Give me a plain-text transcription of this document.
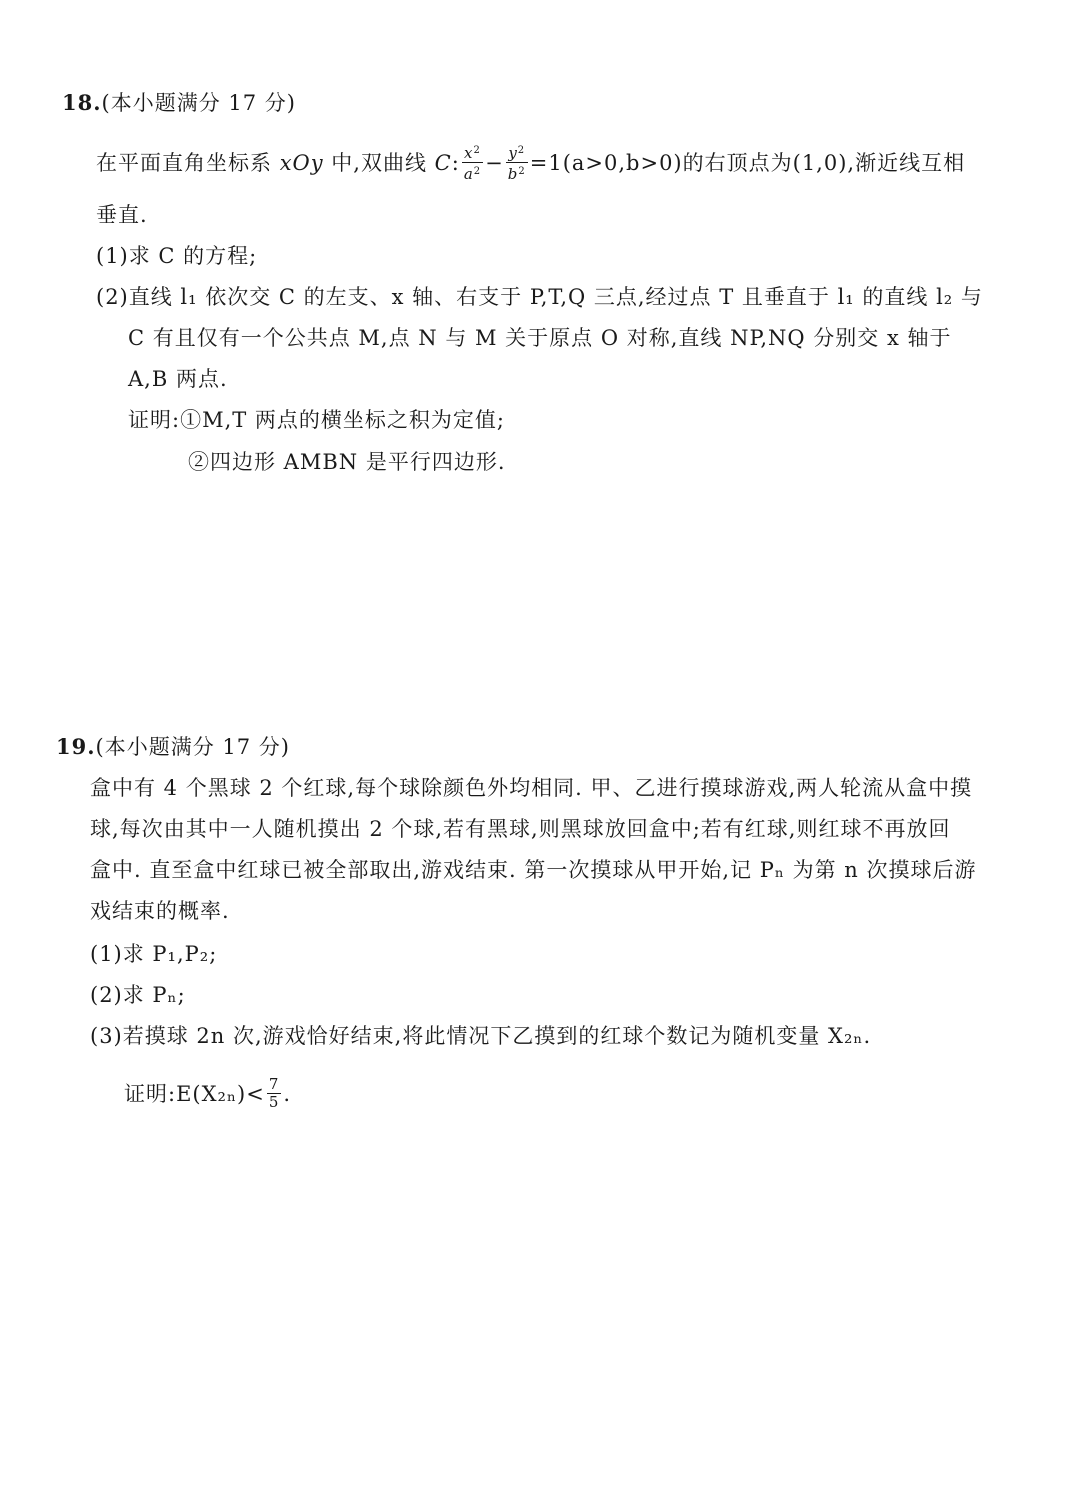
18.(本小题满分 17 分)
在平面直角坐标系 xOy 中,双曲线 C: $\frac{x^2}{a^2} - \frac{y^2}{b^2} =1(a>0,b>0)$的右顶点为(1,0),渐近线互相
垂直.
(1)求 C 的方程;
(2)直线 l₁ 依次交 C 的左支、x 轴、右支于 P,T,Q 三点,经过点 T 且垂直于 l₁ 的直线 l₂ 与
C 有且仅有一个公共点 M,点 N 与 M 关于原点 O 对称,直线 NP,NQ 分别交 x 轴于
A,B 两点.
证明:①M,T 两点的横坐标之积为定值;
②四边形 AMBN 是平行四边形.
19.(本小题满分 17 分)
盒中有 4 个黑球 2 个红球,每个球除颜色外均相同. 甲、乙进行摸球游戏,两人轮流从盒中摸
球,每次由其中一人随机摸出 2 个球,若有黑球,则黑球放回盒中;若有红球,则红球不再放回
盒中. 直至盒中红球已被全部取出,游戏结束. 第一次摸球从甲开始,记 Pₙ 为第 n 次摸球后游
戏结束的概率.
(1)求 P₁,P₂;
(2)求 Pₙ;
(3)若摸球 2n 次,游戏恰好结束,将此情况下乙摸到的红球个数记为随机变量 X₂ₙ.
证明:E(X₂ₙ)< $\frac{7}{5}$ .
